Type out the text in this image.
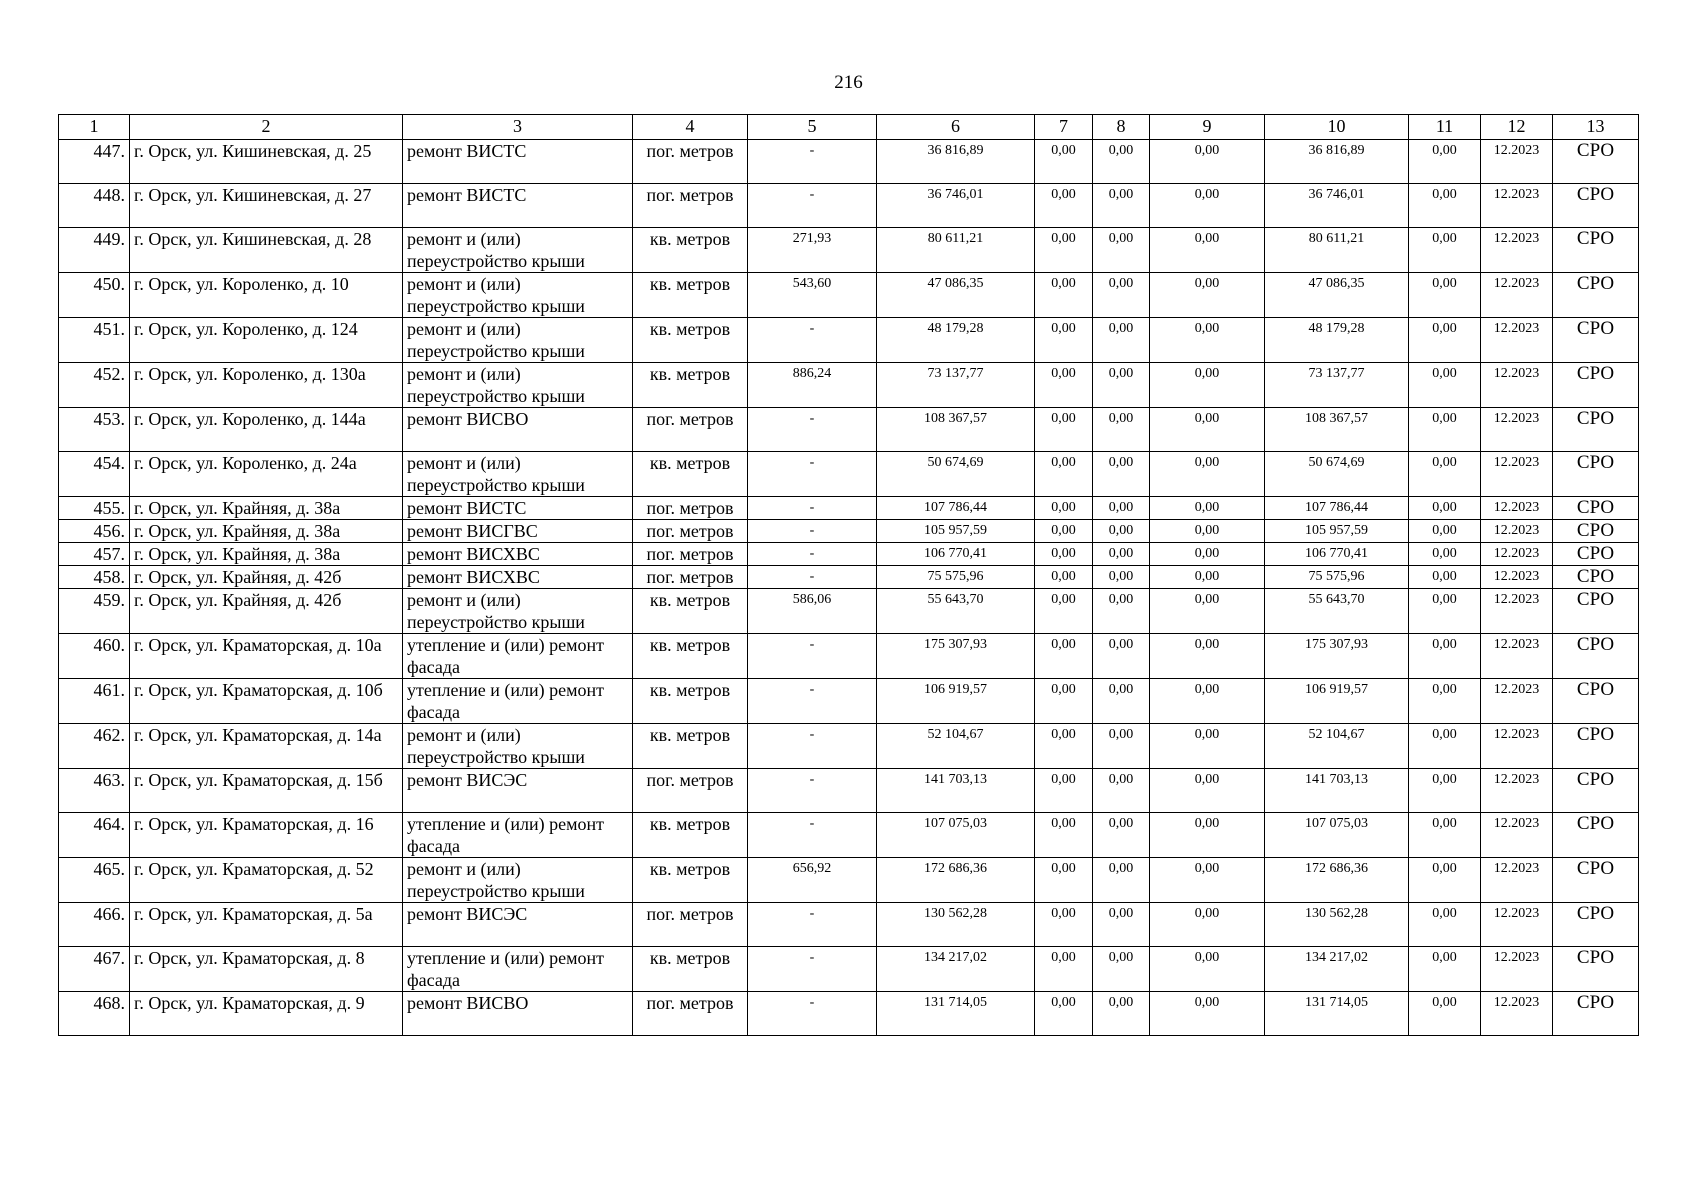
216
1	2	3	4	5	6	7	8	9	10	11	12	13
447.	г. Орск, ул. Кишиневская, д. 25	ремонт ВИСТС	пог. метров	-	36 816,89	0,00	0,00	0,00	36 816,89	0,00	12.2023	СРО
448.	г. Орск, ул. Кишиневская, д. 27	ремонт ВИСТС	пог. метров	-	36 746,01	0,00	0,00	0,00	36 746,01	0,00	12.2023	СРО
449.	г. Орск, ул. Кишиневская, д. 28	ремонт и (или) переустройство крыши	кв. метров	271,93	80 611,21	0,00	0,00	0,00	80 611,21	0,00	12.2023	СРО
450.	г. Орск, ул. Короленко, д. 10	ремонт и (или) переустройство крыши	кв. метров	543,60	47 086,35	0,00	0,00	0,00	47 086,35	0,00	12.2023	СРО
451.	г. Орск, ул. Короленко, д. 124	ремонт и (или) переустройство крыши	кв. метров	-	48 179,28	0,00	0,00	0,00	48 179,28	0,00	12.2023	СРО
452.	г. Орск, ул. Короленко, д. 130а	ремонт и (или) переустройство крыши	кв. метров	886,24	73 137,77	0,00	0,00	0,00	73 137,77	0,00	12.2023	СРО
453.	г. Орск, ул. Короленко, д. 144а	ремонт ВИСВО	пог. метров	-	108 367,57	0,00	0,00	0,00	108 367,57	0,00	12.2023	СРО
454.	г. Орск, ул. Короленко, д. 24а	ремонт и (или) переустройство крыши	кв. метров	-	50 674,69	0,00	0,00	0,00	50 674,69	0,00	12.2023	СРО
455.	г. Орск, ул. Крайняя, д. 38а	ремонт ВИСТС	пог. метров	-	107 786,44	0,00	0,00	0,00	107 786,44	0,00	12.2023	СРО
456.	г. Орск, ул. Крайняя, д. 38а	ремонт ВИСГВС	пог. метров	-	105 957,59	0,00	0,00	0,00	105 957,59	0,00	12.2023	СРО
457.	г. Орск, ул. Крайняя, д. 38а	ремонт ВИСХВС	пог. метров	-	106 770,41	0,00	0,00	0,00	106 770,41	0,00	12.2023	СРО
458.	г. Орск, ул. Крайняя, д. 42б	ремонт ВИСХВС	пог. метров	-	75 575,96	0,00	0,00	0,00	75 575,96	0,00	12.2023	СРО
459.	г. Орск, ул. Крайняя, д. 42б	ремонт и (или) переустройство крыши	кв. метров	586,06	55 643,70	0,00	0,00	0,00	55 643,70	0,00	12.2023	СРО
460.	г. Орск, ул. Краматорская, д. 10а	утепление и (или) ремонт фасада	кв. метров	-	175 307,93	0,00	0,00	0,00	175 307,93	0,00	12.2023	СРО
461.	г. Орск, ул. Краматорская, д. 10б	утепление и (или) ремонт фасада	кв. метров	-	106 919,57	0,00	0,00	0,00	106 919,57	0,00	12.2023	СРО
462.	г. Орск, ул. Краматорская, д. 14а	ремонт и (или) переустройство крыши	кв. метров	-	52 104,67	0,00	0,00	0,00	52 104,67	0,00	12.2023	СРО
463.	г. Орск, ул. Краматорская, д. 15б	ремонт ВИСЭС	пог. метров	-	141 703,13	0,00	0,00	0,00	141 703,13	0,00	12.2023	СРО
464.	г. Орск, ул. Краматорская, д. 16	утепление и (или) ремонт фасада	кв. метров	-	107 075,03	0,00	0,00	0,00	107 075,03	0,00	12.2023	СРО
465.	г. Орск, ул. Краматорская, д. 52	ремонт и (или) переустройство крыши	кв. метров	656,92	172 686,36	0,00	0,00	0,00	172 686,36	0,00	12.2023	СРО
466.	г. Орск, ул. Краматорская, д. 5а	ремонт ВИСЭС	пог. метров	-	130 562,28	0,00	0,00	0,00	130 562,28	0,00	12.2023	СРО
467.	г. Орск, ул. Краматорская, д. 8	утепление и (или) ремонт фасада	кв. метров	-	134 217,02	0,00	0,00	0,00	134 217,02	0,00	12.2023	СРО
468.	г. Орск, ул. Краматорская, д. 9	ремонт ВИСВО	пог. метров	-	131 714,05	0,00	0,00	0,00	131 714,05	0,00	12.2023	СРО
